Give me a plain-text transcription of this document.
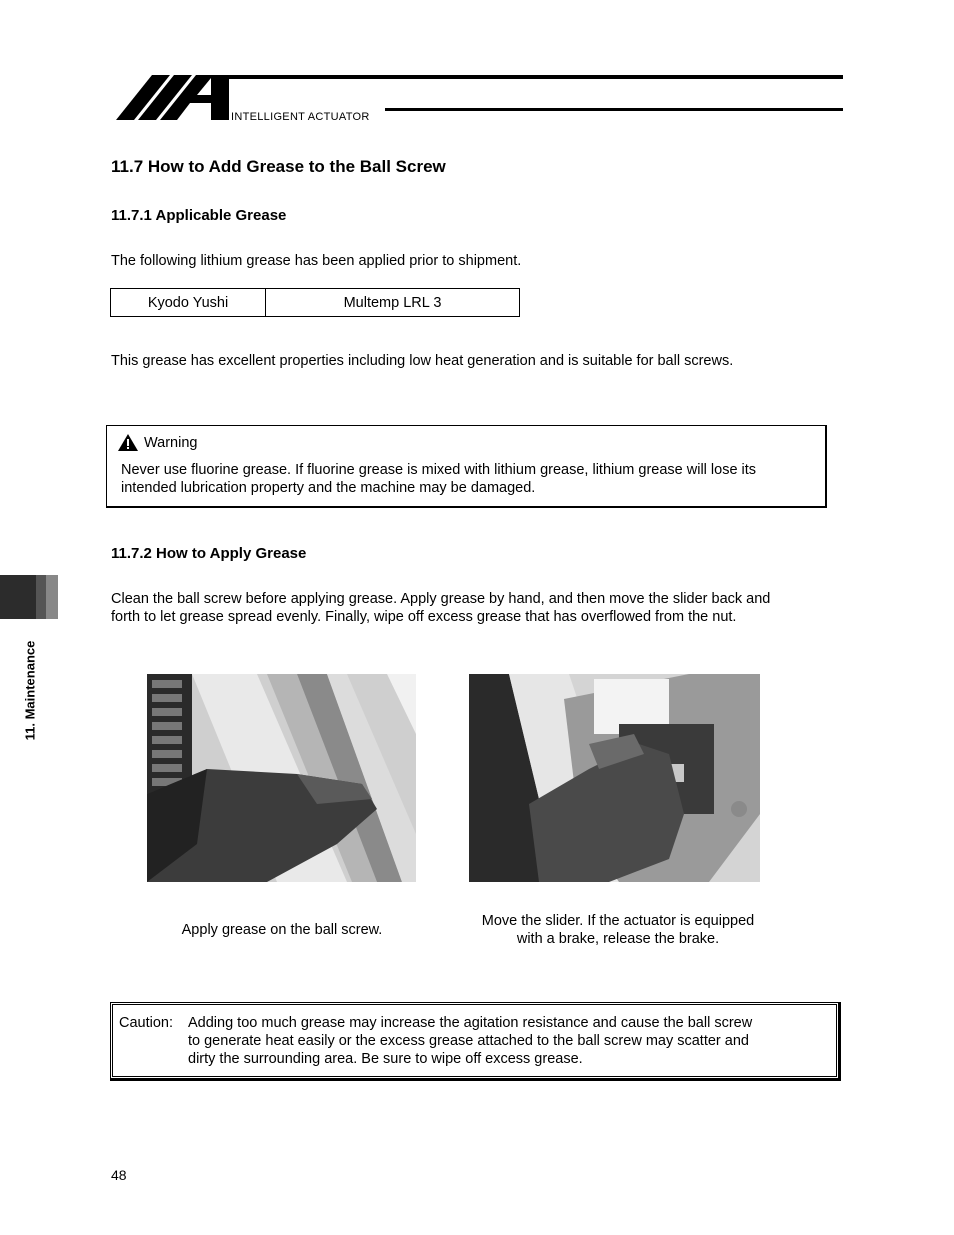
INTELLIGENT ACTUATOR
11.7 How to Add Grease to the Ball Screw
11.7.1 Applicable Grease
The following lithium grease has been applied prior to shipment.
Kyodo Yushi	Multemp LRL 3
This grease has excellent properties including low heat generation and is suitable for ball screws.
Warning
Never use fluorine grease. If fluorine grease is mixed with lithium grease, lithium grease will lose its
intended lubrication property and the machine may be damaged.
11.7.2 How to Apply Grease
Clean the ball screw before applying grease. Apply grease by hand, and then move the slider back and
forth to let grease spread evenly. Finally, wipe off excess grease that has overflowed from the nut.
11. Maintenance
Apply grease on the ball screw.
Move the slider. If the actuator is equipped
with a brake, release the brake.
Caution: Adding too much grease may increase the agitation resistance and cause the ball screw
to generate heat easily or the excess grease attached to the ball screw may scatter and
dirty the surrounding area. Be sure to wipe off excess grease.
48
